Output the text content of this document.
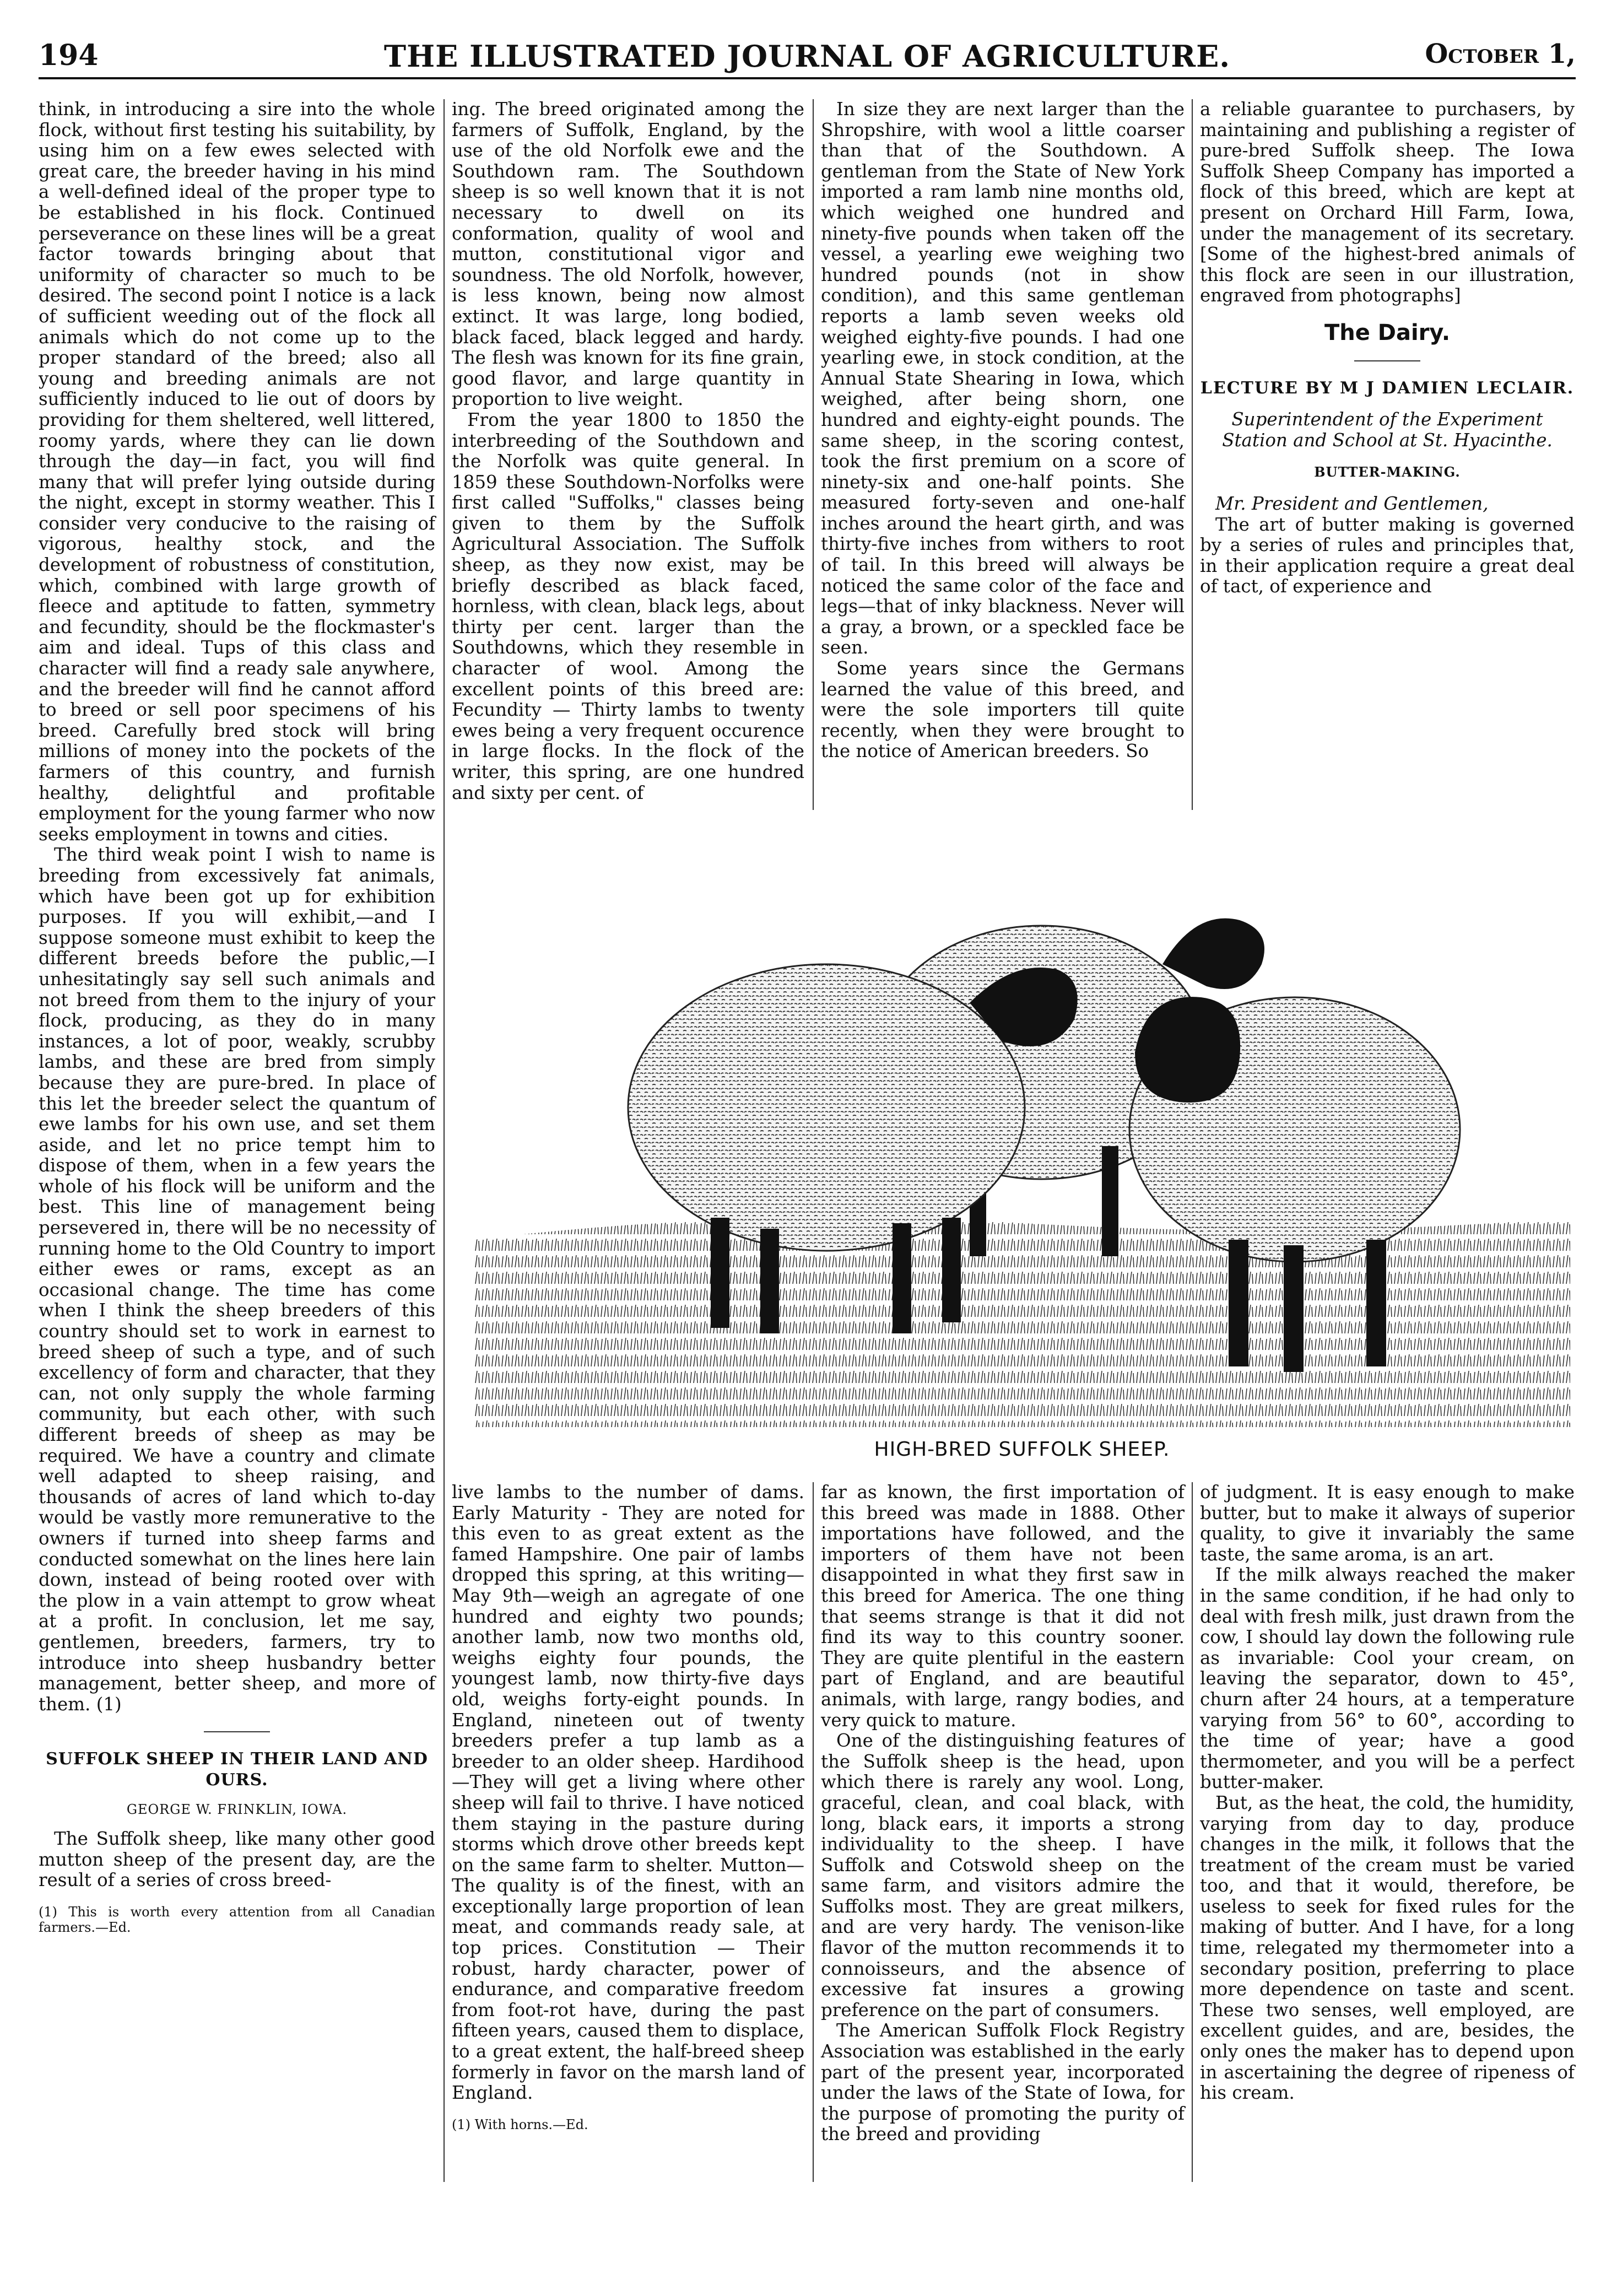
194	THE ILLUSTRATED JOURNAL OF AGRICULTURE.	October 1,

think, in introducing a sire into the whole flock, without first testing his suitability, by using him on a few ewes selected with great care, the breeder having in his mind a well-defined ideal of the proper type to be established in his flock. Continued perseverance on these lines will be a great factor towards bringing about that uniformity of character so much to be desired. The second point I notice is a lack of sufficient weeding out of the flock all animals which do not come up to the proper standard of the breed; also all young and breeding animals are not sufficiently induced to lie out of doors by providing for them sheltered, well littered, roomy yards, where they can lie down through the day—in fact, you will find many that will prefer lying outside during the night, except in stormy weather. This I consider very conducive to the raising of vigorous, healthy stock, and the development of robustness of constitution, which, combined with large growth of fleece and aptitude to fatten, symmetry and fecundity, should be the flockmaster's aim and ideal. Tups of this class and character will find a ready sale anywhere, and the breeder will find he cannot afford to breed or sell poor specimens of his breed. Carefully bred stock will bring millions of money into the pockets of the farmers of this country, and furnish healthy, delightful and profitable employment for the young farmer who now seeks employment in towns and cities.

The third weak point I wish to name is breeding from excessively fat animals, which have been got up for exhibition purposes. If you will exhibit,—and I suppose someone must exhibit to keep the different breeds before the public,—I unhesitatingly say sell such animals and not breed from them to the injury of your flock, producing, as they do in many instances, a lot of poor, weakly, scrubby lambs, and these are bred from simply because they are pure-bred. In place of this let the breeder select the quantum of ewe lambs for his own use, and set them aside, and let no price tempt him to dispose of them, when in a few years the whole of his flock will be uniform and the best. This line of management being persevered in, there will be no necessity of running home to the Old Country to import either ewes or rams, except as an occasional change. The time has come when I think the sheep breeders of this country should set to work in earnest to breed sheep of such a type, and of such excellency of form and character, that they can, not only supply the whole farming community, but each other, with such different breeds of sheep as may be required. We have a country and climate well adapted to sheep raising, and thousands of acres of land which to-day would be vastly more remunerative to the owners if turned into sheep farms and conducted somewhat on the lines here lain down, instead of being rooted over with the plow in a vain attempt to grow wheat at a profit. In conclusion, let me say, gentlemen, breeders, farmers, try to introduce into sheep husbandry better management, better sheep, and more of them. (1)

SUFFOLK SHEEP IN THEIR LAND AND OURS.
GEORGE W. FRINKLIN, IOWA.

The Suffolk sheep, like many other good mutton sheep of the present day, are the result of a series of cross breed-

(1) This is worth every attention from all Canadian farmers.—Ed.

ing. The breed originated among the farmers of Suffolk, England, by the use of the old Norfolk ewe and the Southdown ram. The Southdown sheep is so well known that it is not necessary to dwell on its conformation, quality of wool and mutton, constitutional vigor and soundness. The old Norfolk, however, is less known, being now almost extinct. It was large, long bodied, black faced, black legged and hardy. The flesh was known for its fine grain, good flavor, and large quantity in proportion to live weight.

From the year 1800 to 1850 the interbreeding of the Southdown and the Norfolk was quite general. In 1859 these Southdown-Norfolks were first called "Suffolks," classes being given to them by the Suffolk Agricultural Association. The Suffolk sheep, as they now exist, may be briefly described as black faced, hornless, with clean, black legs, about thirty per cent. larger than the Southdowns, which they resemble in character of wool. Among the excellent points of this breed are: Fecundity — Thirty lambs to twenty ewes being a very frequent occurence in large flocks. In the flock of the writer, this spring, are one hundred and sixty per cent. of

In size they are next larger than the Shropshire, with wool a little coarser than that of the Southdown. A gentleman from the State of New York imported a ram lamb nine months old, which weighed one hundred and ninety-five pounds when taken off the vessel, a yearling ewe weighing two hundred pounds (not in show condition), and this same gentleman reports a lamb seven weeks old weighed eighty-five pounds. I had one yearling ewe, in stock condition, at the Annual State Shearing in Iowa, which weighed, after being shorn, one hundred and eighty-eight pounds. The same sheep, in the scoring contest, took the first premium on a score of ninety-six and one-half points. She measured forty-seven and one-half inches around the heart girth, and was thirty-five inches from withers to root of tail. In this breed will always be noticed the same color of the face and legs—that of inky blackness. Never will a gray, a brown, or a speckled face be seen.

Some years since the Germans learned the value of this breed, and were the sole importers till quite recently, when they were brought to the notice of American breeders. So

a reliable guarantee to purchasers, by maintaining and publishing a register of pure-bred Suffolk sheep. The Iowa Suffolk Sheep Company has imported a flock of this breed, which are kept at present on Orchard Hill Farm, Iowa, under the management of its secretary. [Some of the highest-bred animals of this flock are seen in our illustration, engraved from photographs]

The Dairy.
LECTURE BY M J DAMIEN LECLAIR.
Superintendent of the Experiment Station and School at St. Hyacinthe.
BUTTER-MAKING.

Mr. President and Gentlemen,

The art of butter making is governed by a series of rules and principles that, in their application require a great deal of tact, of experience and

HIGH-BRED SUFFOLK SHEEP.

live lambs to the number of dams. Early Maturity - They are noted for this even to as great extent as the famed Hampshire. One pair of lambs dropped this spring, at this writing—May 9th—weigh an agregate of one hundred and eighty two pounds; another lamb, now two months old, weighs eighty four pounds, the youngest lamb, now thirty-five days old, weighs forty-eight pounds. In England, nineteen out of twenty breeders prefer a tup lamb as a breeder to an older sheep. Hardihood—They will get a living where other sheep will fail to thrive. I have noticed them staying in the pasture during storms which drove other breeds kept on the same farm to shelter. Mutton—The quality is of the finest, with an exceptionally large proportion of lean meat, and commands ready sale, at top prices. Constitution — Their robust, hardy character, power of endurance, and comparative freedom from foot-rot have, during the past fifteen years, caused them to displace, to a great extent, the half-breed sheep formerly in favor on the marsh land of England.

(1) With horns.—Ed.

far as known, the first importation of this breed was made in 1888. Other importations have followed, and the importers of them have not been disappointed in what they first saw in this breed for America. The one thing that seems strange is that it did not find its way to this country sooner. They are quite plentiful in the eastern part of England, and are beautiful animals, with large, rangy bodies, and very quick to mature.

One of the distinguishing features of the Suffolk sheep is the head, upon which there is rarely any wool. Long, graceful, clean, and coal black, with long, black ears, it imports a strong individuality to the sheep. I have Suffolk and Cotswold sheep on the same farm, and visitors admire the Suffolks most. They are great milkers, and are very hardy. The venison-like flavor of the mutton recommends it to connoisseurs, and the absence of excessive fat insures a growing preference on the part of consumers.

The American Suffolk Flock Registry Association was established in the early part of the present year, incorporated under the laws of the State of Iowa, for the purpose of promoting the purity of the breed and providing

of judgment. It is easy enough to make butter, but to make it always of superior quality, to give it invariably the same taste, the same aroma, is an art.

If the milk always reached the maker in the same condition, if he had only to deal with fresh milk, just drawn from the cow, I should lay down the following rule as invariable: Cool your cream, on leaving the separator, down to 45°, churn after 24 hours, at a temperature varying from 56° to 60°, according to the time of year; have a good thermometer, and you will be a perfect butter-maker.

But, as the heat, the cold, the humidity, varying from day to day, produce changes in the milk, it follows that the treatment of the cream must be varied too, and that it would, therefore, be useless to seek for fixed rules for the making of butter. And I have, for a long time, relegated my thermometer into a secondary position, preferring to place more dependence on taste and scent. These two senses, well employed, are excellent guides, and are, besides, the only ones the maker has to depend upon in ascertaining the degree of ripeness of his cream.
